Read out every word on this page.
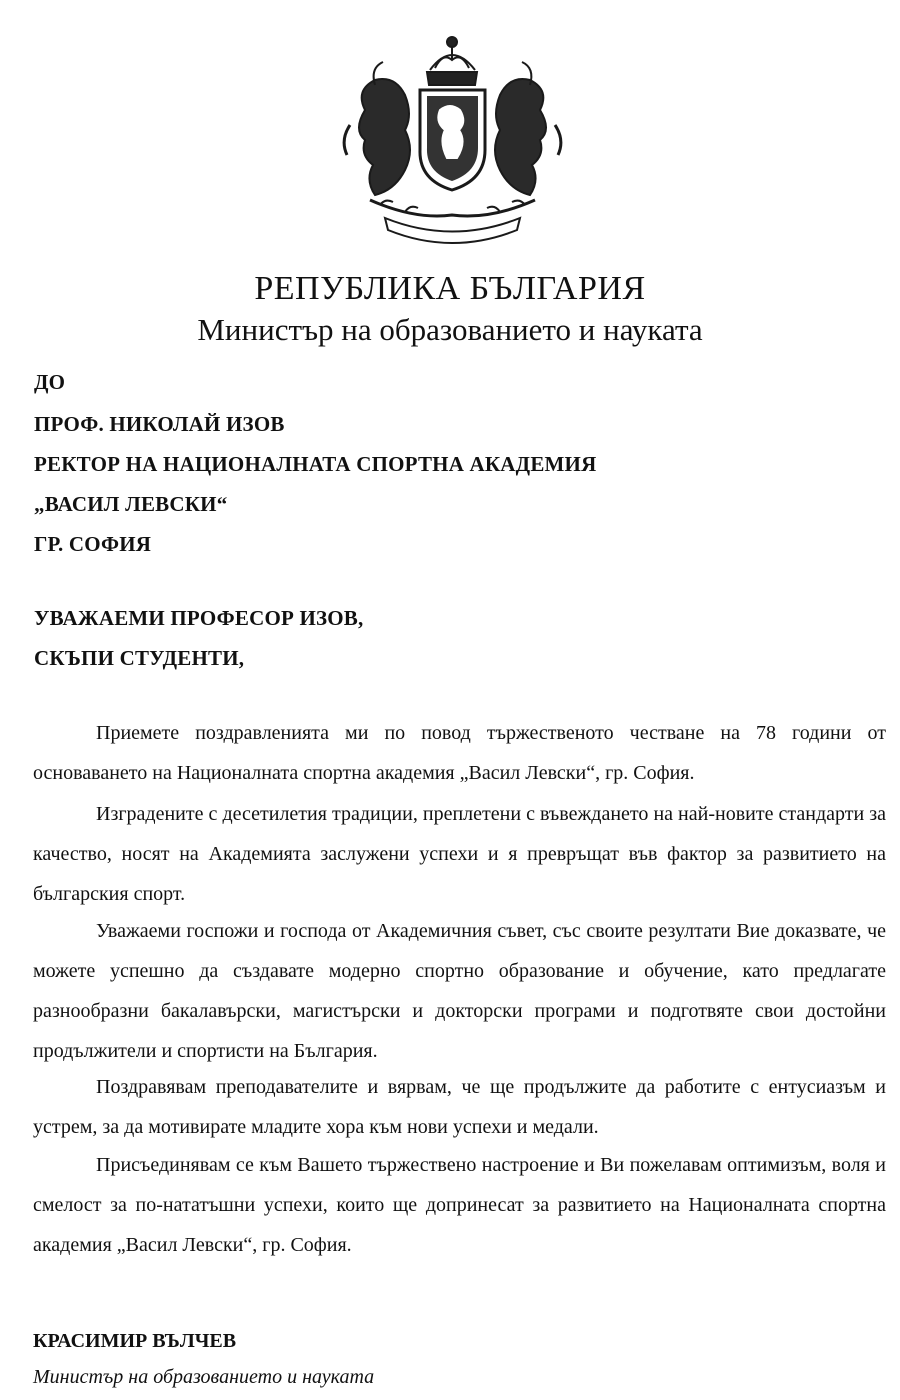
РЕПУБЛИКА БЪЛГАРИЯ
Министър на образованието и науката
ДО
ПРОФ. НИКОЛАЙ ИЗОВ
РЕКТОР НА НАЦИОНАЛНАТА СПОРТНА АКАДЕМИЯ
„ВАСИЛ ЛЕВСКИ“
ГР. СОФИЯ
УВАЖАЕМИ ПРОФЕСОР ИЗОВ,
СКЪПИ СТУДЕНТИ,

Приемете поздравленията ми по повод тържественото честване на 78 години от основаването на Националната спортна академия „Васил Левски“, гр. София.

Изградените с десетилетия традиции, преплетени с въвеждането на най-новите стандарти за качество, носят на Академията заслужени успехи и я превръщат във фактор за развитието на българския спорт.

Уважаеми госпожи и господа от Академичния съвет, със своите резултати Вие доказвате, че можете успешно да създавате модерно спортно образование и обучение, като предлагате разнообразни бакалавърски, магистърски и докторски програми и подготвяте свои достойни продължители и спортисти на България.

Поздравявам преподавателите и вярвам, че ще продължите да работите с ентусиазъм и устрем, за да мотивирате младите хора към нови успехи и медали.

Присъединявам се към Вашето тържествено настроение и Ви пожелавам оптимизъм, воля и смелост за по-нататъшни успехи, които ще допринесат за развитието на Националната спортна академия „Васил Левски“, гр. София.

КРАСИМИР ВЪЛЧЕВ
Министър на образованието и науката
